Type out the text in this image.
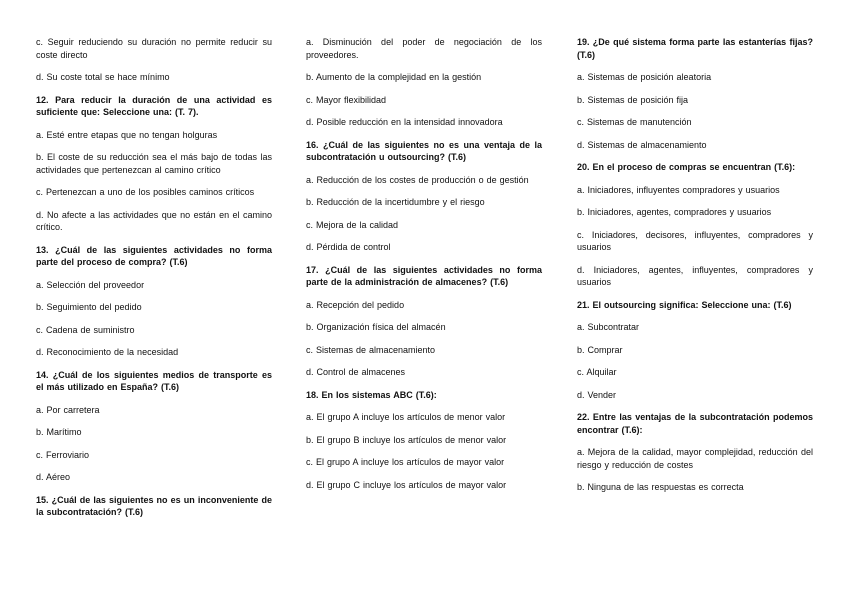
c. Seguir reduciendo su duración no permite reducir su coste directo

d. Su coste total se hace mínimo

12. Para reducir la duración de una actividad es suficiente que: Seleccione una: (T. 7).

a. Esté entre etapas que no tengan holguras

b. El coste de su reducción sea el más bajo de todas las actividades que pertenezcan al camino crítico

c. Pertenezcan a uno de los posibles caminos críticos

d. No afecte a las actividades que no están en el camino crítico.

13. ¿Cuál de las siguientes actividades no forma parte del proceso de compra? (T.6)

a. Selección del proveedor

b. Seguimiento del pedido

c. Cadena de suministro

d. Reconocimiento de la necesidad

14. ¿Cuál de los siguientes medios de transporte es el más utilizado en España? (T.6)

a. Por carretera

b. Marítimo

c. Ferroviario

d. Aéreo

15. ¿Cuál de las siguientes no es un inconveniente de la subcontratación? (T.6)

a. Disminución del poder de negociación de los proveedores.

b. Aumento de la complejidad en la gestión

c. Mayor flexibilidad

d. Posible reducción en la intensidad innovadora

16. ¿Cuál de las siguientes no es una ventaja de la subcontratación u outsourcing? (T.6)

a. Reducción de los costes de producción o de gestión

b. Reducción de la incertidumbre y el riesgo

c. Mejora de la calidad

d. Pérdida de control

17. ¿Cuál de las siguientes actividades no forma parte de la administración de almacenes? (T.6)

a. Recepción del pedido

b. Organización física del almacén

c. Sistemas de almacenamiento

d. Control de almacenes

18. En los sistemas ABC (T.6):

a. El grupo A incluye los artículos de menor valor

b. El grupo B incluye los artículos de menor valor

c. El grupo A incluye los artículos de mayor valor

d. El grupo C incluye los artículos de mayor valor

19. ¿De qué sistema forma parte las estanterías fijas? (T.6)

a. Sistemas de posición aleatoria

b. Sistemas de posición fija

c. Sistemas de manutención

d. Sistemas de almacenamiento

20. En el proceso de compras se encuentran (T.6):

a. Iniciadores, influyentes compradores y usuarios

b. Iniciadores, agentes, compradores y usuarios

c. Iniciadores, decisores, influyentes, compradores y usuarios

d. Iniciadores, agentes, influyentes, compradores y usuarios

21. El outsourcing significa: Seleccione una: (T.6)

a. Subcontratar

b. Comprar

c. Alquilar

d. Vender

22. Entre las ventajas de la subcontratación podemos encontrar (T.6):

a. Mejora de la calidad, mayor complejidad, reducción del riesgo y reducción de costes

b. Ninguna de las respuestas es correcta
